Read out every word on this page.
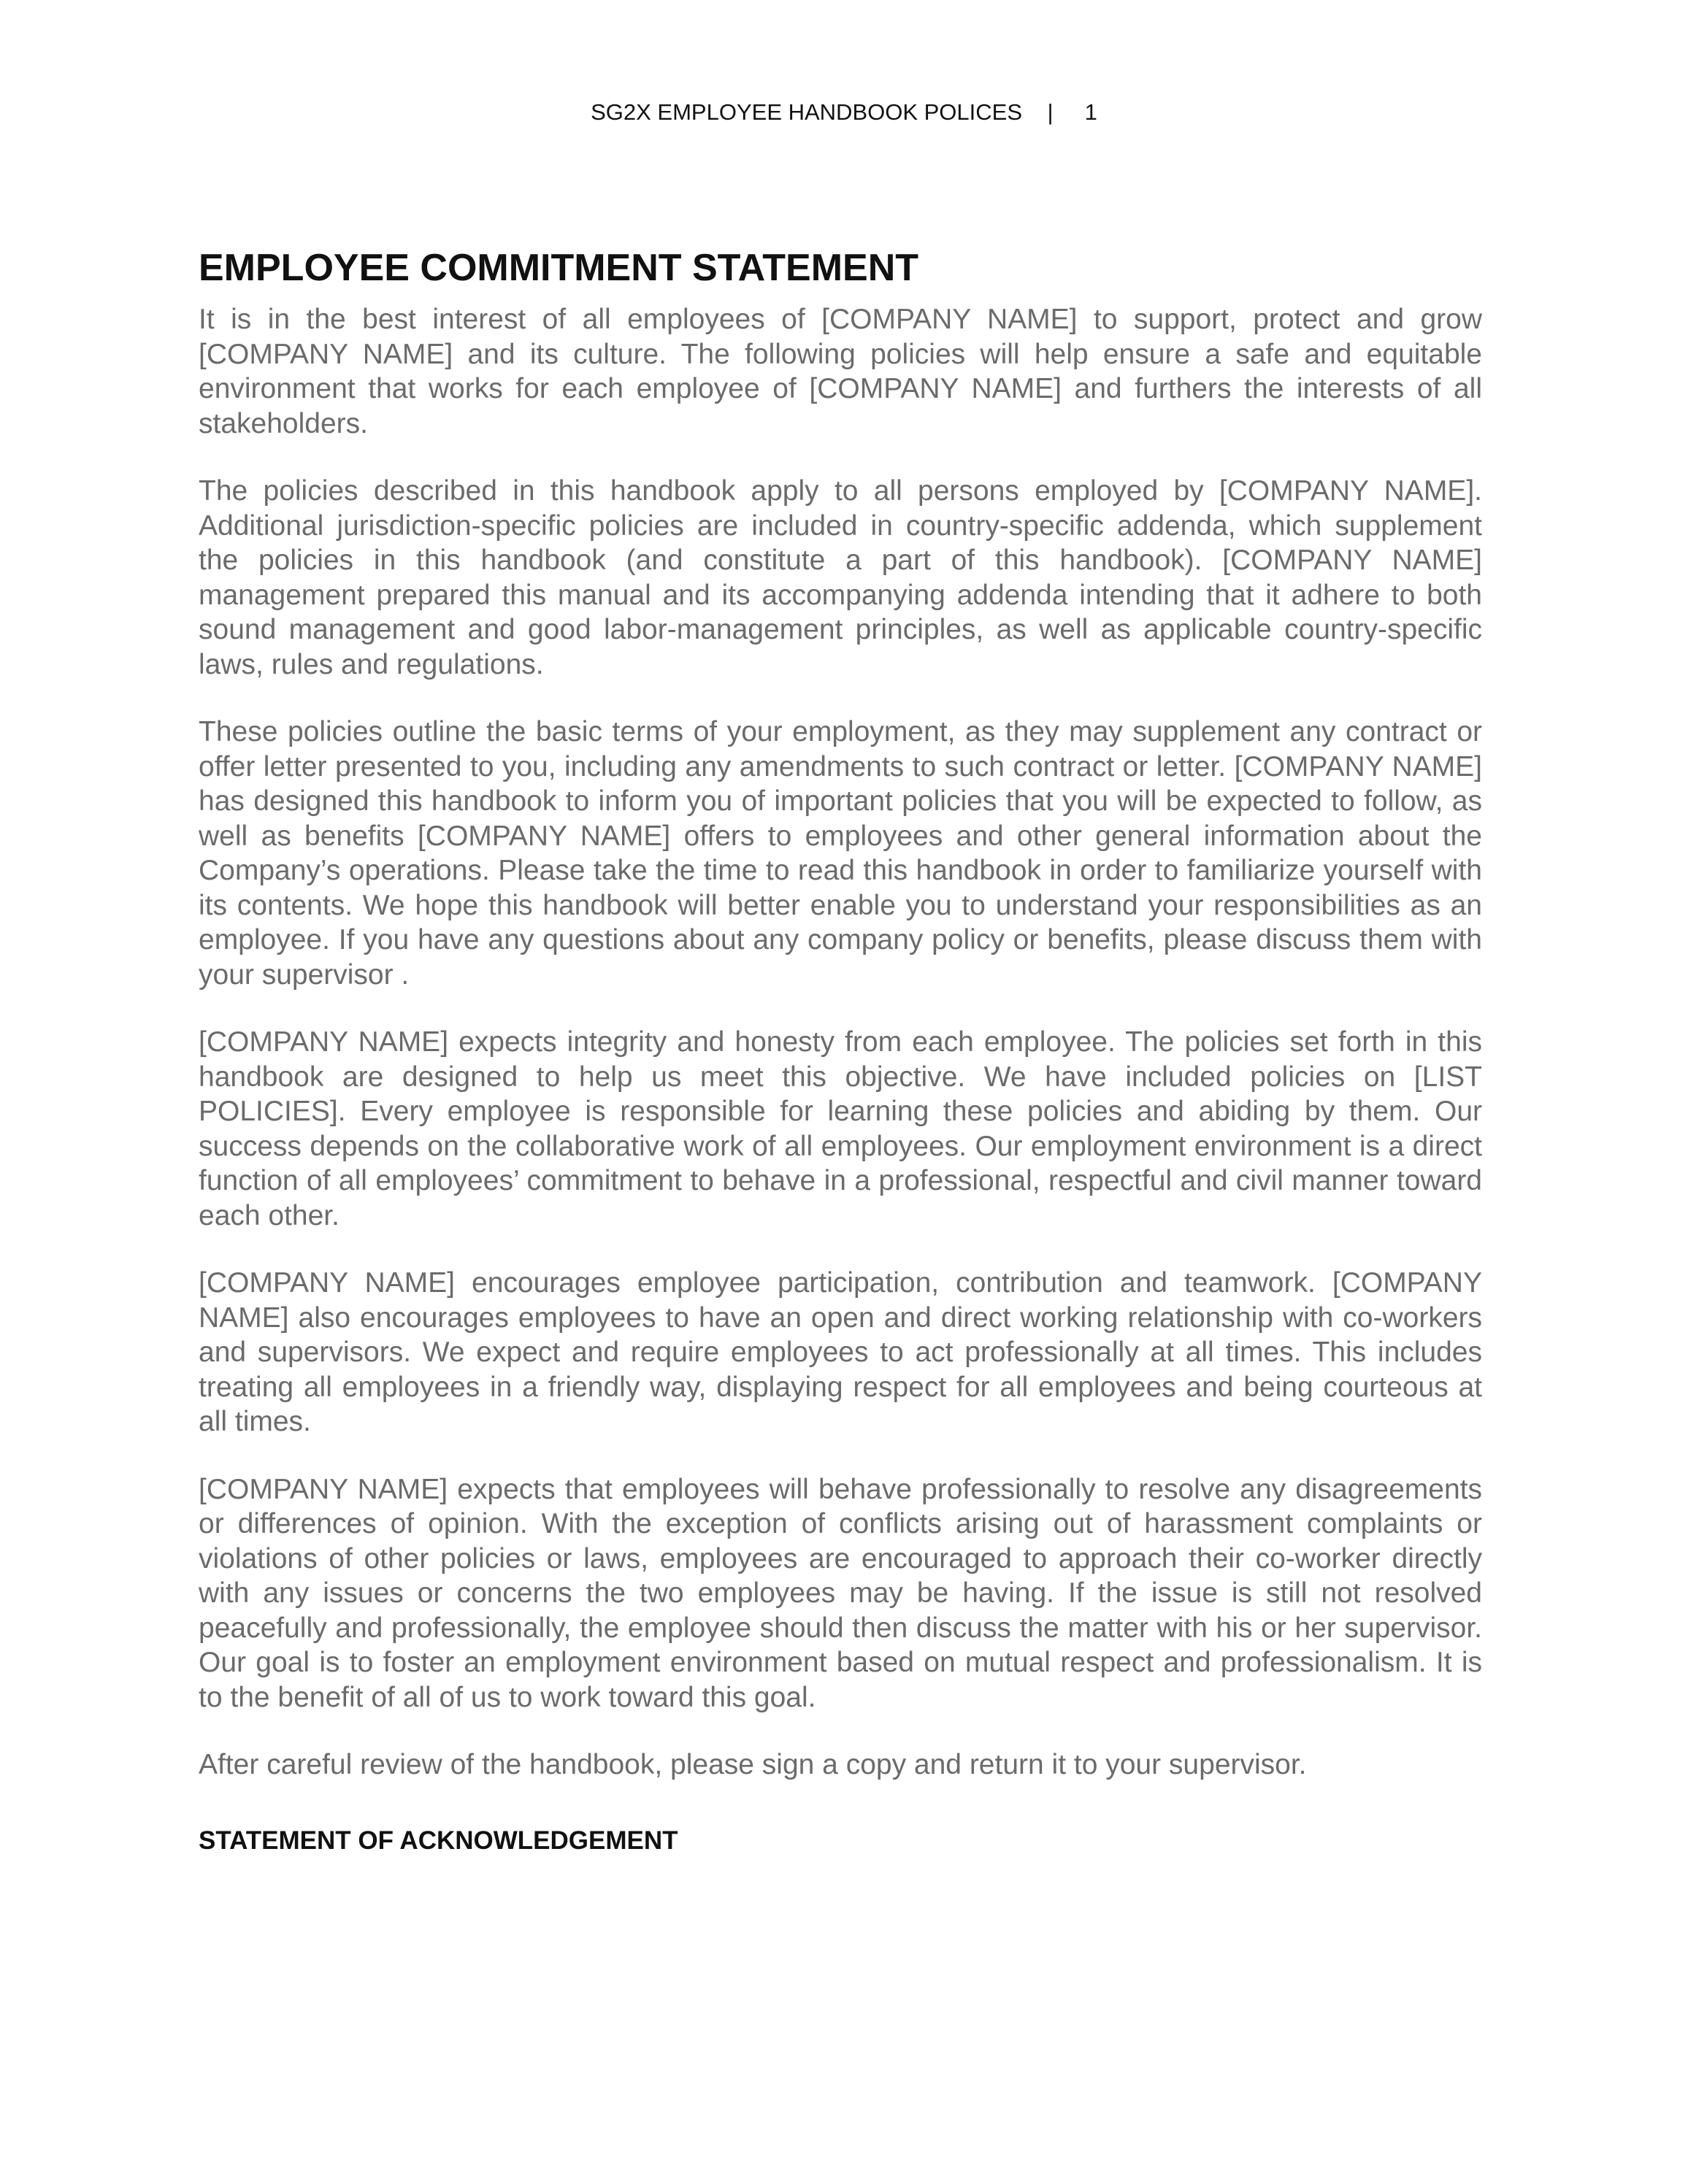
SG2X EMPLOYEE HANDBOOK POLICES | 1
EMPLOYEE COMMITMENT STATEMENT

It is in the best interest of all employees of [COMPANY NAME] to support, protect and grow [COMPANY NAME] and its culture. The following policies will help ensure a safe and equitable environment that works for each employee of [COMPANY NAME] and furthers the interests of all stakeholders.

The policies described in this handbook apply to all persons employed by [COMPANY NAME]. Additional jurisdiction-specific policies are included in country-specific addenda, which supplement the policies in this handbook (and constitute a part of this handbook). [COMPANY NAME] management prepared this manual and its accompanying addenda intending that it adhere to both sound management and good labor-management principles, as well as applicable country-specific laws, rules and regulations.

These policies outline the basic terms of your employment, as they may supplement any contract or offer letter presented to you, including any amendments to such contract or letter. [COMPANY NAME] has designed this handbook to inform you of important policies that you will be expected to follow, as well as benefits [COMPANY NAME] offers to employees and other general information about the Company’s operations. Please take the time to read this handbook in order to familiarize yourself with its contents. We hope this handbook will better enable you to understand your responsibilities as an employee. If you have any questions about any company policy or benefits, please discuss them with your supervisor .

[COMPANY NAME] expects integrity and honesty from each employee. The policies set forth in this handbook are designed to help us meet this objective. We have included policies on [LIST POLICIES]. Every employee is responsible for learning these policies and abiding by them. Our success depends on the collaborative work of all employees. Our employment environment is a direct function of all employees’ commitment to behave in a professional, respectful and civil manner toward each other.

[COMPANY NAME] encourages employee participation, contribution and teamwork. [COMPANY NAME] also encourages employees to have an open and direct working relationship with co-workers and supervisors. We expect and require employees to act professionally at all times. This includes treating all employees in a friendly way, displaying respect for all employees and being courteous at all times.

[COMPANY NAME] expects that employees will behave professionally to resolve any disagreements or differences of opinion. With the exception of conflicts arising out of harassment complaints or violations of other policies or laws, employees are encouraged to approach their co-worker directly with any issues or concerns the two employees may be having. If the issue is still not resolved peacefully and professionally, the employee should then discuss the matter with his or her supervisor. Our goal is to foster an employment environment based on mutual respect and professionalism. It is to the benefit of all of us to work toward this goal.

After careful review of the handbook, please sign a copy and return it to your supervisor.

STATEMENT OF ACKNOWLEDGEMENT
